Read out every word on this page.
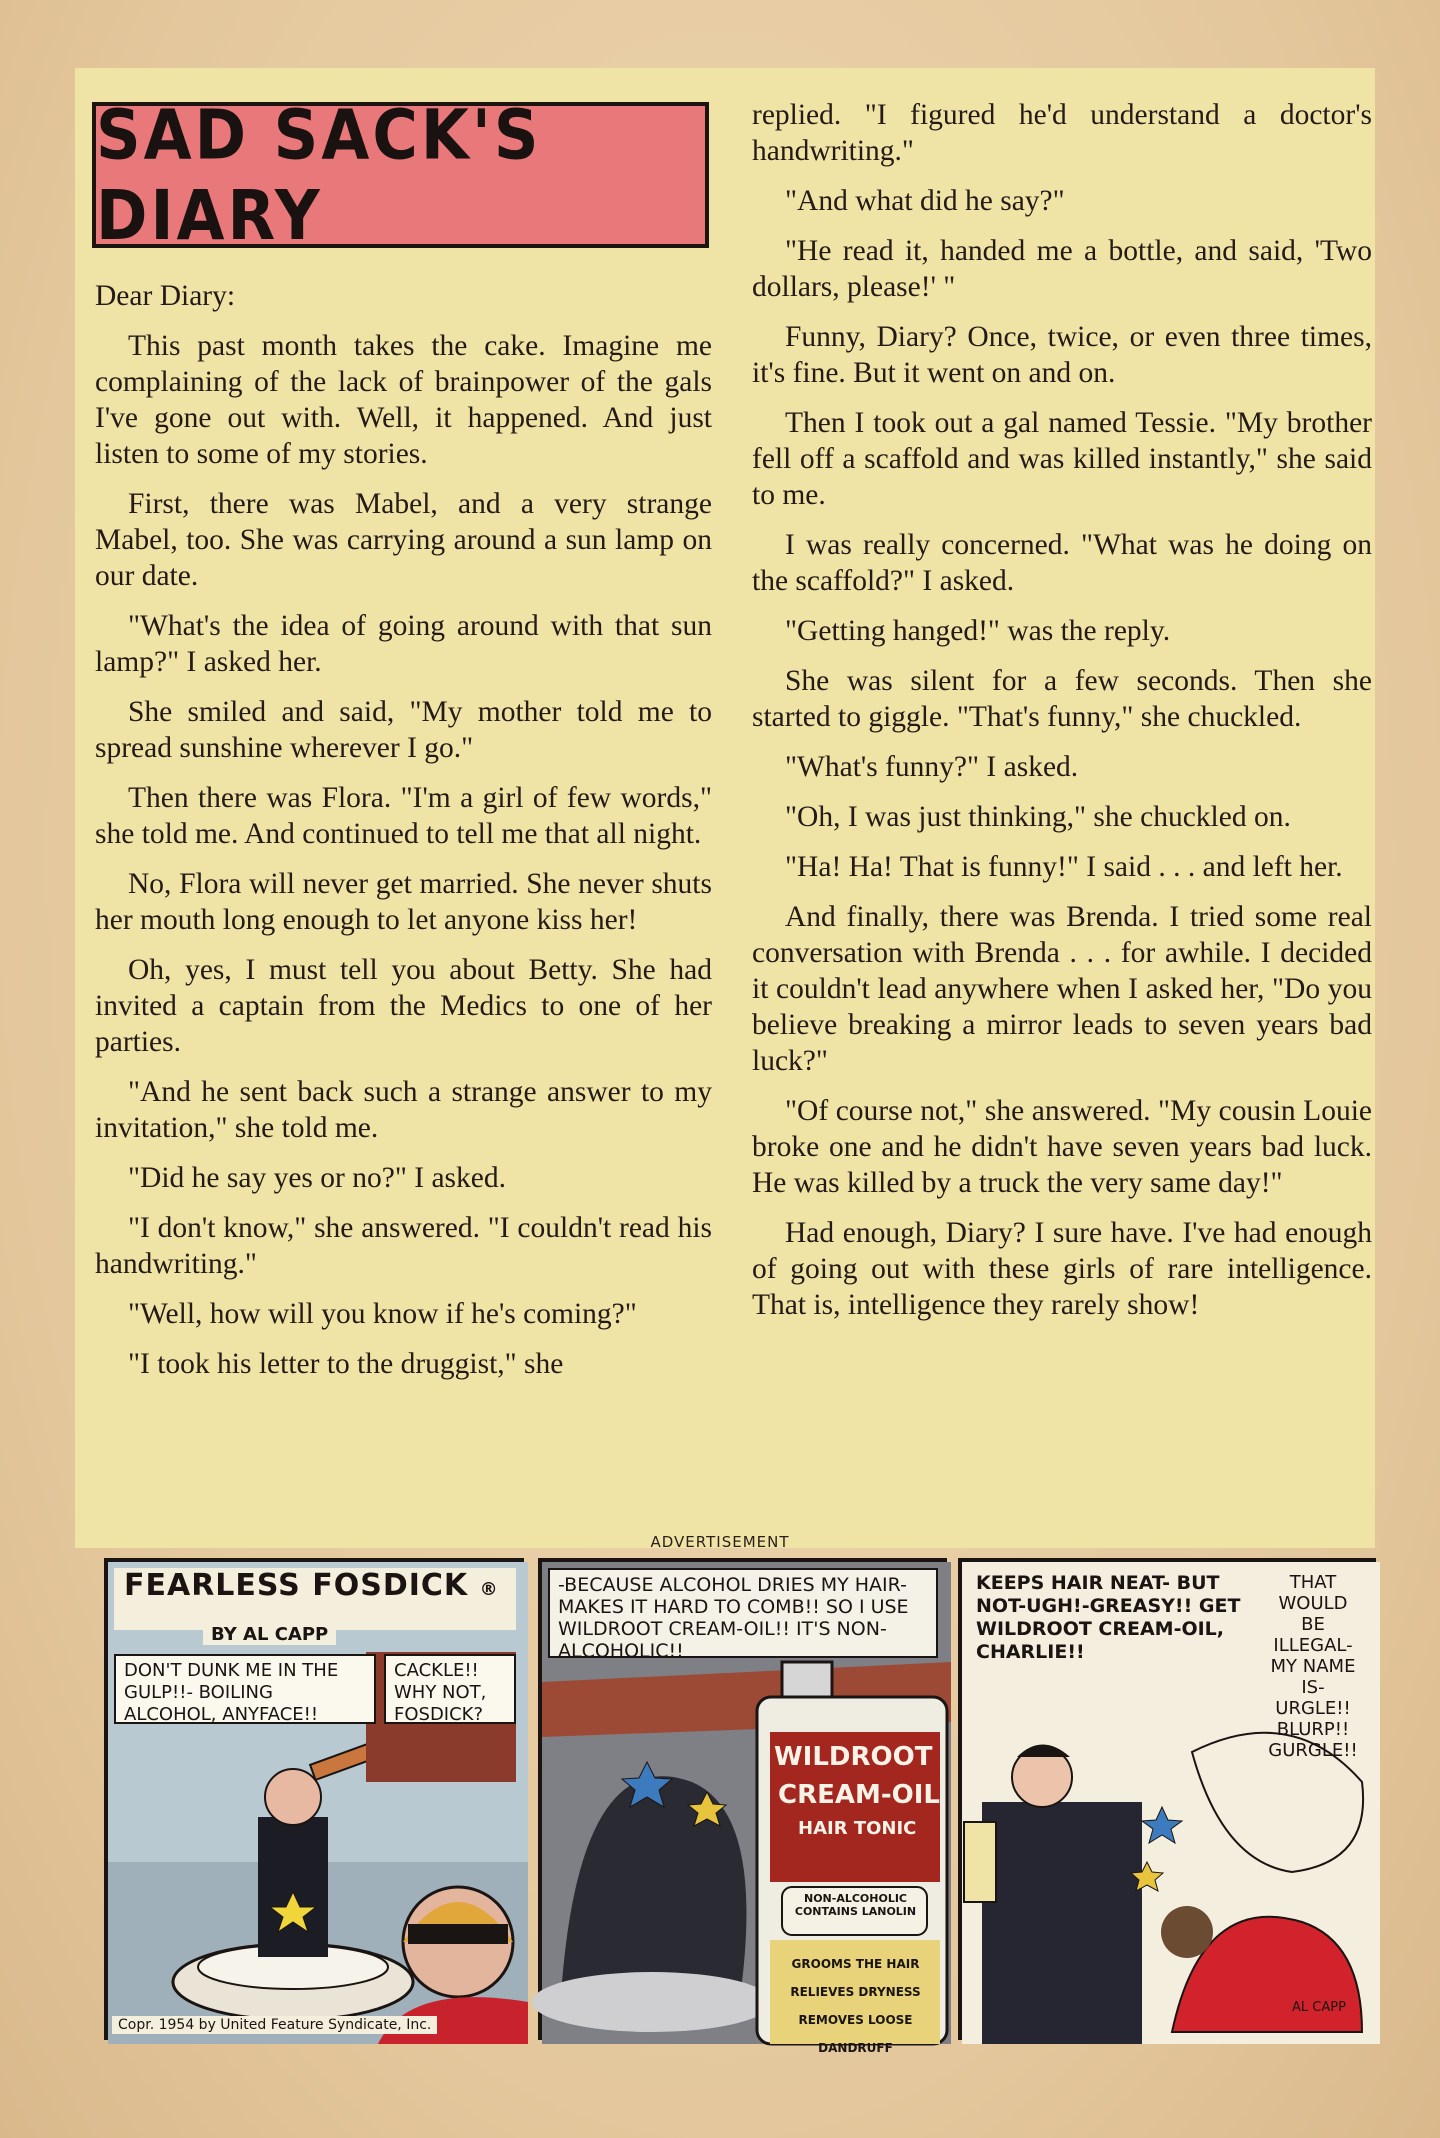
SAD SACK'S DIARY

Dear Diary:

This past month takes the cake. Imagine me complaining of the lack of brainpower of the gals I've gone out with. Well, it happened. And just listen to some of my stories.

First, there was Mabel, and a very strange Mabel, too. She was carrying around a sun lamp on our date.

"What's the idea of going around with that sun lamp?" I asked her.

She smiled and said, "My mother told me to spread sunshine wherever I go."

Then there was Flora. "I'm a girl of few words," she told me. And continued to tell me that all night.

No, Flora will never get married. She never shuts her mouth long enough to let anyone kiss her!

Oh, yes, I must tell you about Betty. She had invited a captain from the Medics to one of her parties.

"And he sent back such a strange answer to my invitation," she told me.

"Did he say yes or no?" I asked.

"I don't know," she answered. "I couldn't read his handwriting."

"Well, how will you know if he's coming?"

"I took his letter to the druggist," she

replied. "I figured he'd understand a doctor's handwriting."

"And what did he say?"

"He read it, handed me a bottle, and said, 'Two dollars, please!' "

Funny, Diary? Once, twice, or even three times, it's fine. But it went on and on.

Then I took out a gal named Tessie. "My brother fell off a scaffold and was killed instantly," she said to me.

I was really concerned. "What was he doing on the scaffold?" I asked.

"Getting hanged!" was the reply.

She was silent for a few seconds. Then she started to giggle. "That's funny," she chuckled.

"What's funny?" I asked.

"Oh, I was just thinking," she chuckled on.

"Ha! Ha! That is funny!" I said . . . and left her.

And finally, there was Brenda. I tried some real conversation with Brenda . . . for awhile. I decided it couldn't lead anywhere when I asked her, "Do you believe breaking a mirror leads to seven years bad luck?"

"Of course not," she answered. "My cousin Louie broke one and he didn't have seven years bad luck. He was killed by a truck the very same day!"

Had enough, Diary? I sure have. I've had enough of going out with these girls of rare intelligence. That is, intelligence they rarely show!

ADVERTISEMENT
FEARLESS FOSDICK ®
BY AL CAPP
DON'T DUNK ME IN THE GULP!!- BOILING ALCOHOL, ANYFACE!!
CACKLE!! WHY NOT, FOSDICK?
Copr. 1954 by United Feature Syndicate, Inc.
-BECAUSE ALCOHOL DRIES MY HAIR-MAKES IT HARD TO COMB!! SO I USE WILDROOT CREAM-OIL!! IT'S NON-ALCOHOLIC!!
WILDROOT
CREAM-OIL
HAIR TONIC
NON-ALCOHOLIC CONTAINS LANOLIN
GROOMS THE HAIR
RELIEVES DRYNESS
REMOVES LOOSE DANDRUFF
KEEPS HAIR NEAT- BUT NOT-UGH!-GREASY!! GET WILDROOT CREAM-OIL, CHARLIE!!
THAT WOULD BE ILLEGAL- MY NAME IS-URGLE!! BLURP!! GURGLE!!
AL CAPP
